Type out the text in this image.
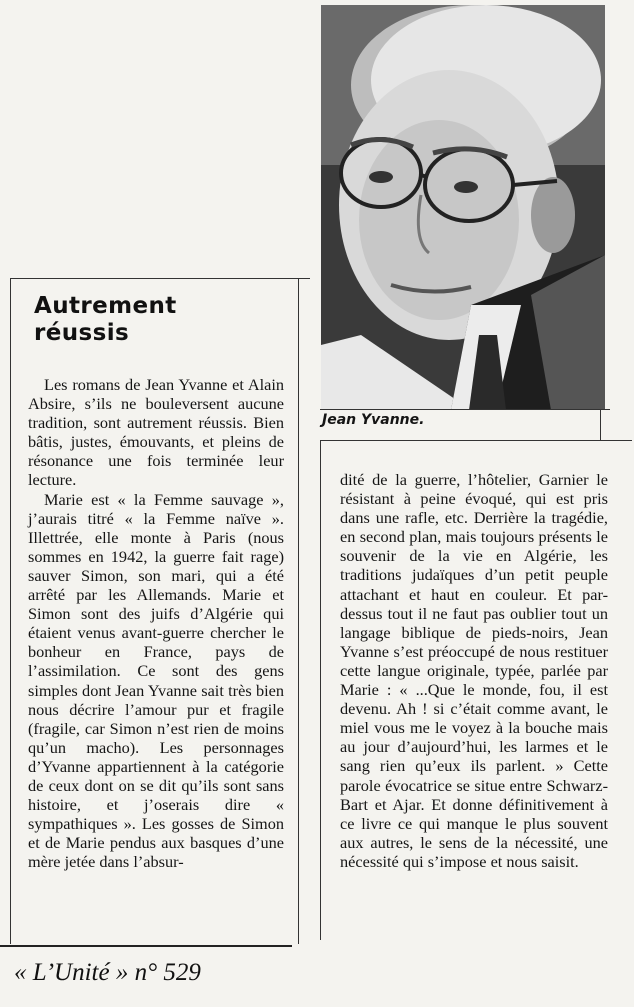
Jean Yvanne.
Autrement
réussis

Les romans de Jean Yvanne et Alain Absire, s’ils ne bouleversent aucune tradition, sont autrement réussis. Bien bâtis, justes, émouvants, et pleins de résonance une fois terminée leur lecture.

Marie est « la Femme sauvage », j’aurais titré « la Femme naïve ». Illettrée, elle monte à Paris (nous sommes en 1942, la guerre fait rage) sauver Simon, son mari, qui a été arrêté par les Allemands. Marie et Simon sont des juifs d’Algérie qui étaient venus avant-guerre chercher le bonheur en France, pays de l’assimilation. Ce sont des gens simples dont Jean Yvanne sait très bien nous décrire l’amour pur et fragile (fragile, car Simon n’est rien de moins qu’un macho). Les personnages d’Yvanne appartiennent à la catégorie de ceux dont on se dit qu’ils sont sans histoire, et j’oserais dire « sympathiques ». Les gosses de Simon et de Marie pendus aux basques d’une mère jetée dans l’absur-

dité de la guerre, l’hôtelier, Garnier le résistant à peine évoqué, qui est pris dans une rafle, etc. Derrière la tragédie, en second plan, mais toujours présents le souvenir de la vie en Algérie, les traditions judaïques d’un petit peuple attachant et haut en couleur. Et par-dessus tout il ne faut pas oublier tout un langage biblique de pieds-noirs, Jean Yvanne s’est préoccupé de nous restituer cette langue originale, typée, parlée par Marie : « ...Que le monde, fou, il est devenu. Ah ! si c’était comme avant, le miel vous me le voyez à la bouche mais au jour d’aujourd’hui, les larmes et le sang rien qu’eux ils parlent. » Cette parole évocatrice se situe entre Schwarz-Bart et Ajar. Et donne définitivement à ce livre ce qui manque le plus souvent aux autres, le sens de la nécessité, une nécessité qui s’impose et nous saisit.

« L’Unité » n° 529
